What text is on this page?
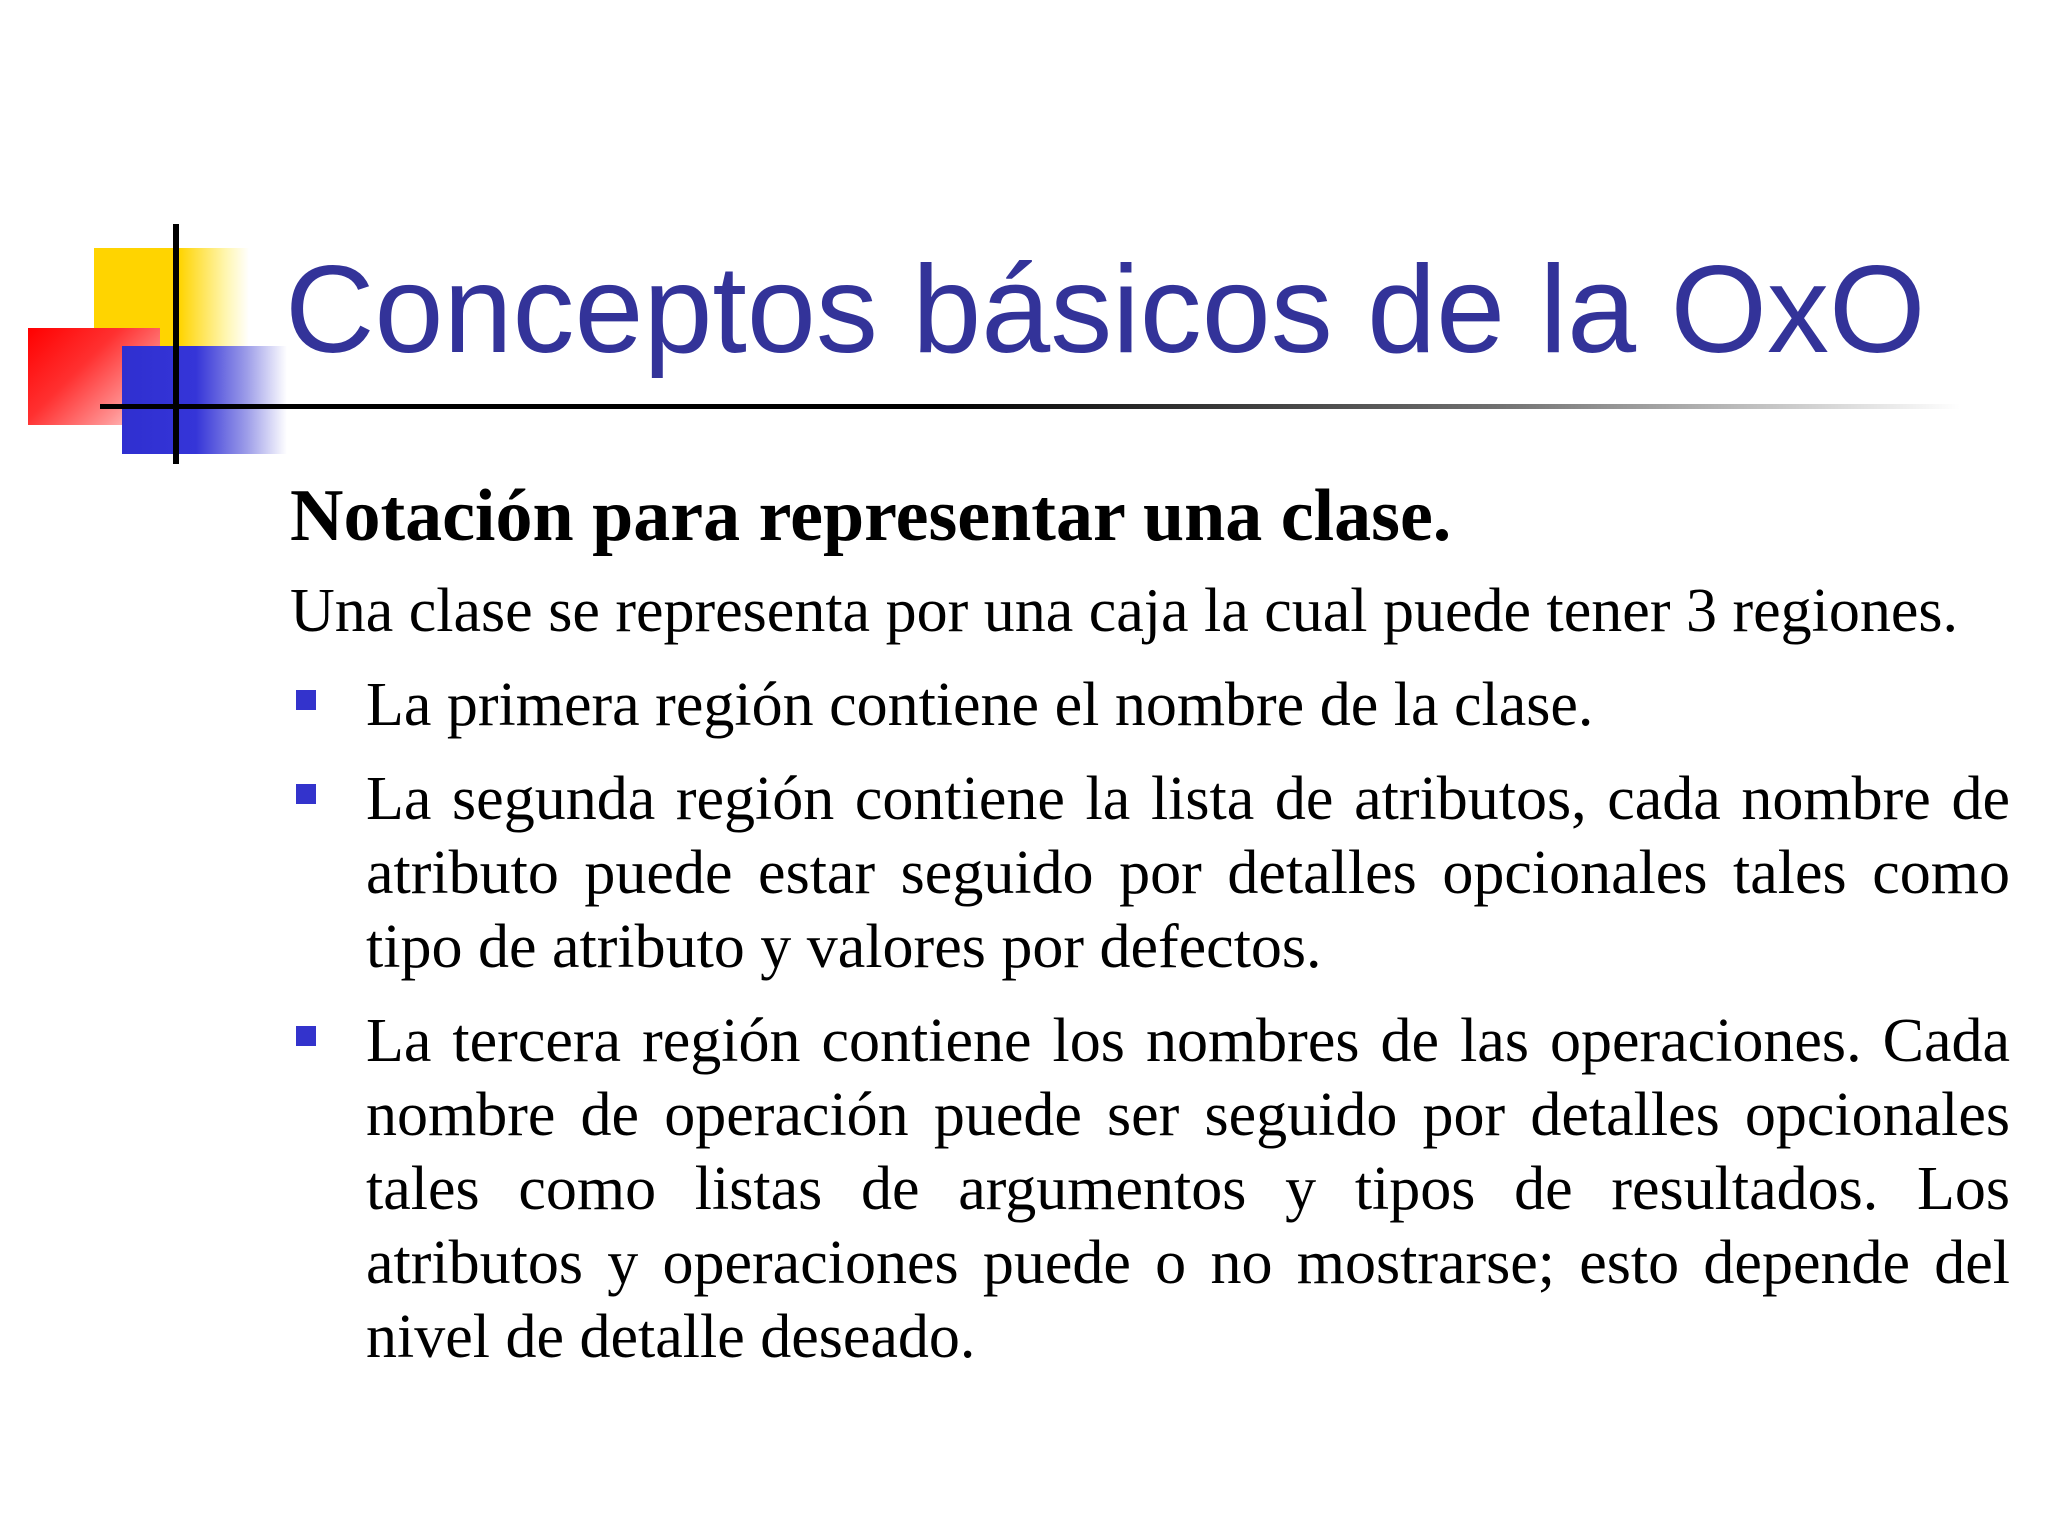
Conceptos básicos de la OxO

Notación para representar una clase.

Una clase se representa por una caja la cual puede tener 3 regiones.

La primera región contiene el nombre de la clase.
La segunda región contiene la lista de atributos, cada nombre de atributo puede estar seguido por detalles opcionales tales como tipo de atributo y valores por defectos.
La tercera región contiene los nombres de las operaciones. Cada nombre de operación puede ser seguido por detalles opcionales tales como listas de argumentos y tipos de resultados. Los atributos y operaciones puede o no mostrarse; esto depende del nivel de detalle deseado.
